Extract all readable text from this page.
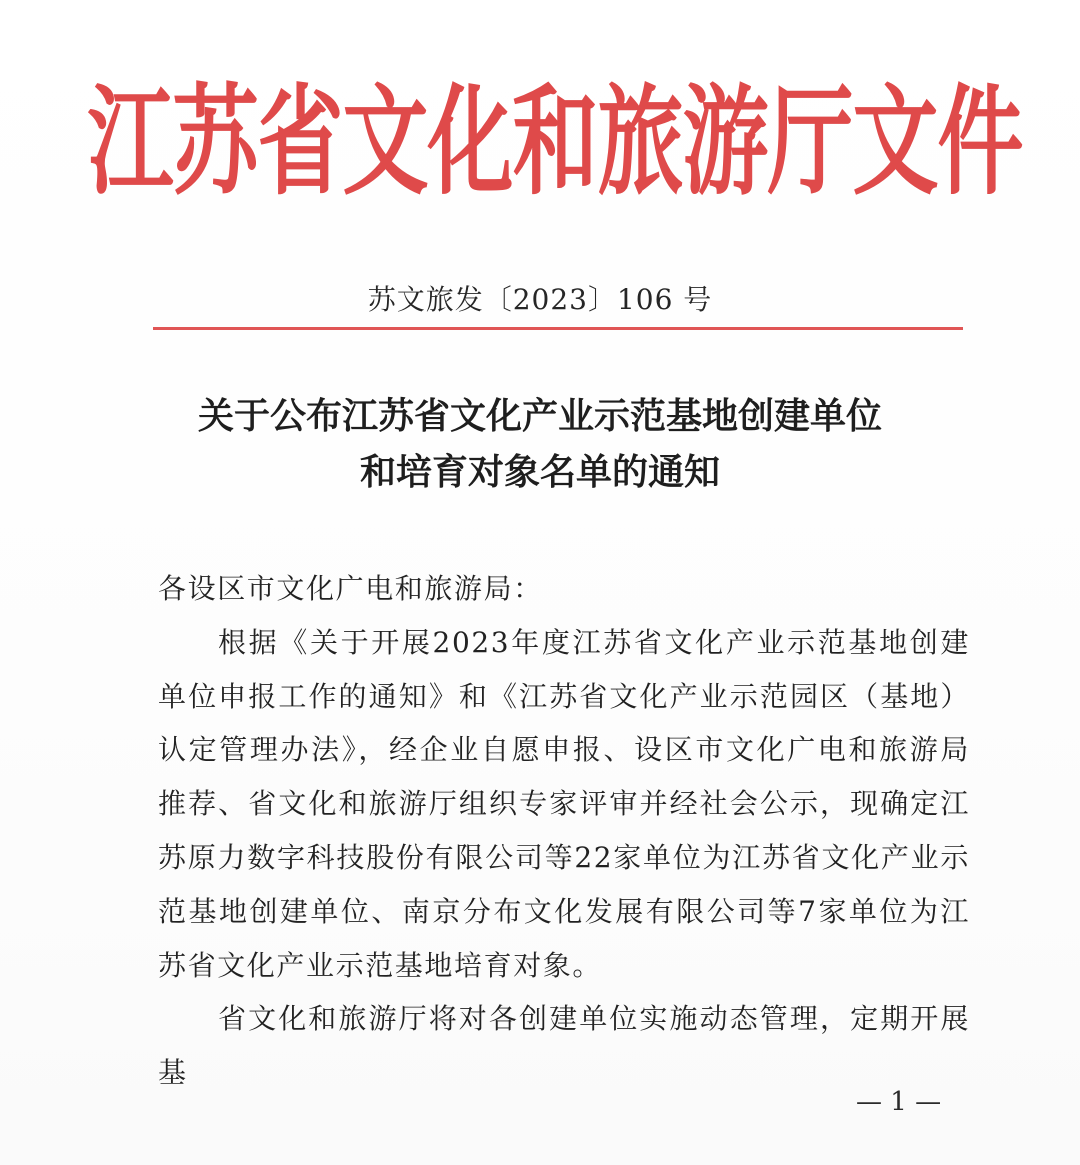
江苏省文化和旅游厅文件
苏文旅发〔2023〕106 号
关于公布江苏省文化产业示范基地创建单位
和培育对象名单的通知

各设区市文化广电和旅游局：

根据《关于开展2023年度江苏省文化产业示范基地创建单位申报工作的通知》和《江苏省文化产业示范园区（基地）认定管理办法》，经企业自愿申报、设区市文化广电和旅游局推荐、省文化和旅游厅组织专家评审并经社会公示，现确定江苏原力数字科技股份有限公司等22家单位为江苏省文化产业示范基地创建单位、南京分布文化发展有限公司等7家单位为江苏省文化产业示范基地培育对象。

省文化和旅游厅将对各创建单位实施动态管理，定期开展基

— 1 —
